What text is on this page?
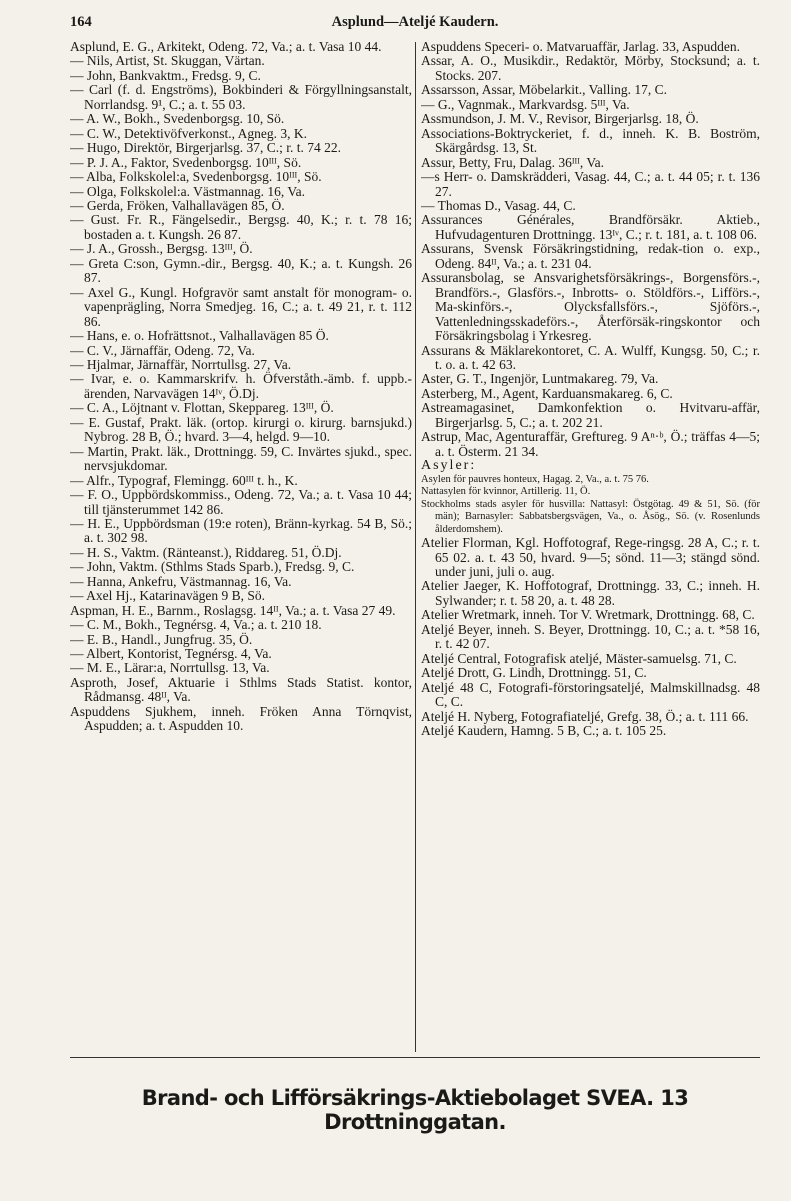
164	Asplund—Ateljé Kaudern.
Asplund, E. G., Arkitekt, Odeng. 72, Va.; a. t. Vasa 10 44.
— Nils, Artist, St. Skuggan, Värtan.
— John, Bankvaktm., Fredsg. 9, C.
— Carl (f. d. Engströms), Bokbinderi & Förgyllningsanstalt, Norrlandsg. 9¹, C.; a. t. 55 03.
— A. W., Bokh., Svedenborgsg. 10, Sö.
— C. W., Detektivöfverkonst., Agneg. 3, K.
— Hugo, Direktör, Birgerjarlsg. 37, C.; r. t. 74 22.
— P. J. A., Faktor, Svedenborgsg. 10ᴵᴵᴵ, Sö.
— Alba, Folkskolel:a, Svedenborgsg. 10ᴵᴵᴵ, Sö.
— Olga, Folkskolel:a. Västmannag. 16, Va.
— Gerda, Fröken, Valhallavägen 85, Ö.
— Gust. Fr. R., Fängelsedir., Bergsg. 40, K.; r. t. 78 16; bostaden a. t. Kungsh. 26 87.
— J. A., Grossh., Bergsg. 13ᴵᴵᴵ, Ö.
— Greta C:son, Gymn.-dir., Bergsg. 40, K.; a. t. Kungsh. 26 87.
— Axel G., Kungl. Hofgravör samt anstalt för monogram- o. vapenprägling, Norra Smedjeg. 16, C.; a. t. 49 21, r. t. 112 86.
— Hans, e. o. Hofrättsnot., Valhallavägen 85 Ö.
— C. V., Järnaffär, Odeng. 72, Va.
— Hjalmar, Järnaffär, Norrtullsg. 27, Va.
— Ivar, e. o. Kammarskrifv. h. Öfverståth.-ämb. f. uppb.-ärenden, Narvavägen 14ᴵᵛ, Ö.Dj.
— C. A., Löjtnant v. Flottan, Skeppareg. 13ᴵᴵᴵ, Ö.
— E. Gustaf, Prakt. läk. (ortop. kirurgi o. kirurg. barnsjukd.) Nybrog. 28 B, Ö.; hvard. 3—4, helgd. 9—10.
— Martin, Prakt. läk., Drottningg. 59, C. Invärtes sjukd., spec. nervsjukdomar.
— Alfr., Typograf, Flemingg. 60ᴵᴵᴵ t. h., K.
— F. O., Uppbördskommiss., Odeng. 72, Va.; a. t. Vasa 10 44; till tjänsterummet 142 86.
— H. E., Uppbördsman (19:e roten), Bränn-kyrkag. 54 B, Sö.; a. t. 302 98.
— H. S., Vaktm. (Ränteanst.), Riddareg. 51, Ö.Dj.
— John, Vaktm. (Sthlms Stads Sparb.), Fredsg. 9, C.
— Hanna, Ankefru, Västmannag. 16, Va.
— Axel Hj., Katarinavägen 9 B, Sö.
Aspman, H. E., Barnm., Roslagsg. 14ᴵᴵ, Va.; a. t. Vasa 27 49.
— C. M., Bokh., Tegnérsg. 4, Va.; a. t. 210 18.
— E. B., Handl., Jungfrug. 35, Ö.
— Albert, Kontorist, Tegnérsg. 4, Va.
— M. E., Lärar:a, Norrtullsg. 13, Va.
Asproth, Josef, Aktuarie i Sthlms Stads Statist. kontor, Rådmansg. 48ᴵᴵ, Va.
Aspuddens Sjukhem, inneh. Fröken Anna Törnqvist, Aspudden; a. t. Aspudden 10.
Aspuddens Speceri- o. Matvaruaffär, Jarlag. 33, Aspudden.
Assar, A. O., Musikdir., Redaktör, Mörby, Stocksund; a. t. Stocks. 207.
Assarsson, Assar, Möbelarkit., Valling. 17, C.
— G., Vagnmak., Markvardsg. 5ᴵᴵᴵ, Va.
Assmundson, J. M. V., Revisor, Birgerjarlsg. 18, Ö.
Associations-Boktryckeriet, f. d., inneh. K. B. Boström, Skärgårdsg. 13, St.
Assur, Betty, Fru, Dalag. 36ᴵᴵᴵ, Va.
—s Herr- o. Damskrädderi, Vasag. 44, C.; a. t. 44 05; r. t. 136 27.
— Thomas D., Vasag. 44, C.
Assurances Générales, Brandförsäkr. Aktieb., Hufvudagenturen Drottningg. 13ᴵᵛ, C.; r. t. 181, a. t. 108 06.
Assurans, Svensk Försäkringstidning, redak-tion o. exp., Odeng. 84ᴵᴵ, Va.; a. t. 231 04.
Assuransbolag, se Ansvarighetsförsäkrings-, Borgensförs.-, Brandförs.-, Glasförs.-, Inbrotts- o. Stöldförs.-, Lifförs.-, Ma-skinförs.-, Olycksfallsförs.-, Sjöförs.-, Vattenledningsskadeförs.-, Återförsäk-ringskontor och Försäkringsbolag i Yrkesreg.
Assurans & Mäklarekontoret, C. A. Wulff, Kungsg. 50, C.; r. t. o. a. t. 42 63.
Aster, G. T., Ingenjör, Luntmakareg. 79, Va.
Asterberg, M., Agent, Karduansmakareg. 6, C.
Astreamagasinet, Damkonfektion o. Hvitvaru-affär, Birgerjarlsg. 5, C.; a. t. 202 21.
Astrup, Mac, Agenturaffär, Greftureg. 9 Aⁿ·ᵇ, Ö.; träffas 4—5; a. t. Österm. 21 34.
Asyler:
Asylen för pauvres honteux, Hagag. 2, Va., a. t. 75 76.
Nattasylen för kvinnor, Artillerig. 11, Ö.
Stockholms stads asyler för husvilla: Nattasyl: Östgötag. 49 & 51, Sö. (för män); Barnasyler: Sabbatsbergsvägen, Va., o. Åsög., Sö. (v. Rosenlunds ålderdomshem).
Atelier Florman, Kgl. Hoffotograf, Rege-ringsg. 28 A, C.; r. t. 65 02. a. t. 43 50, hvard. 9—5; sönd. 11—3; stängd sönd. under juni, juli o. aug.
Atelier Jaeger, K. Hoffotograf, Drottningg. 33, C.; inneh. H. Sylwander; r. t. 58 20, a. t. 48 28.
Atelier Wretmark, inneh. Tor V. Wretmark, Drottningg. 68, C.
Ateljé Beyer, inneh. S. Beyer, Drottningg. 10, C.; a. t. *58 16, r. t. 42 07.
Ateljé Central, Fotografisk ateljé, Mäster-samuelsg. 71, C.
Ateljé Drott, G. Lindh, Drottningg. 51, C.
Ateljé 48 C, Fotografi-förstoringsateljé, Malmskillnadsg. 48 C, C.
Ateljé H. Nyberg, Fotografiateljé, Grefg. 38, Ö.; a. t. 111 66.
Ateljé Kaudern, Hamng. 5 B, C.; a. t. 105 25.
Brand- och Lifförsäkrings-Aktiebolaget SVEA. 13 Drottninggatan.
